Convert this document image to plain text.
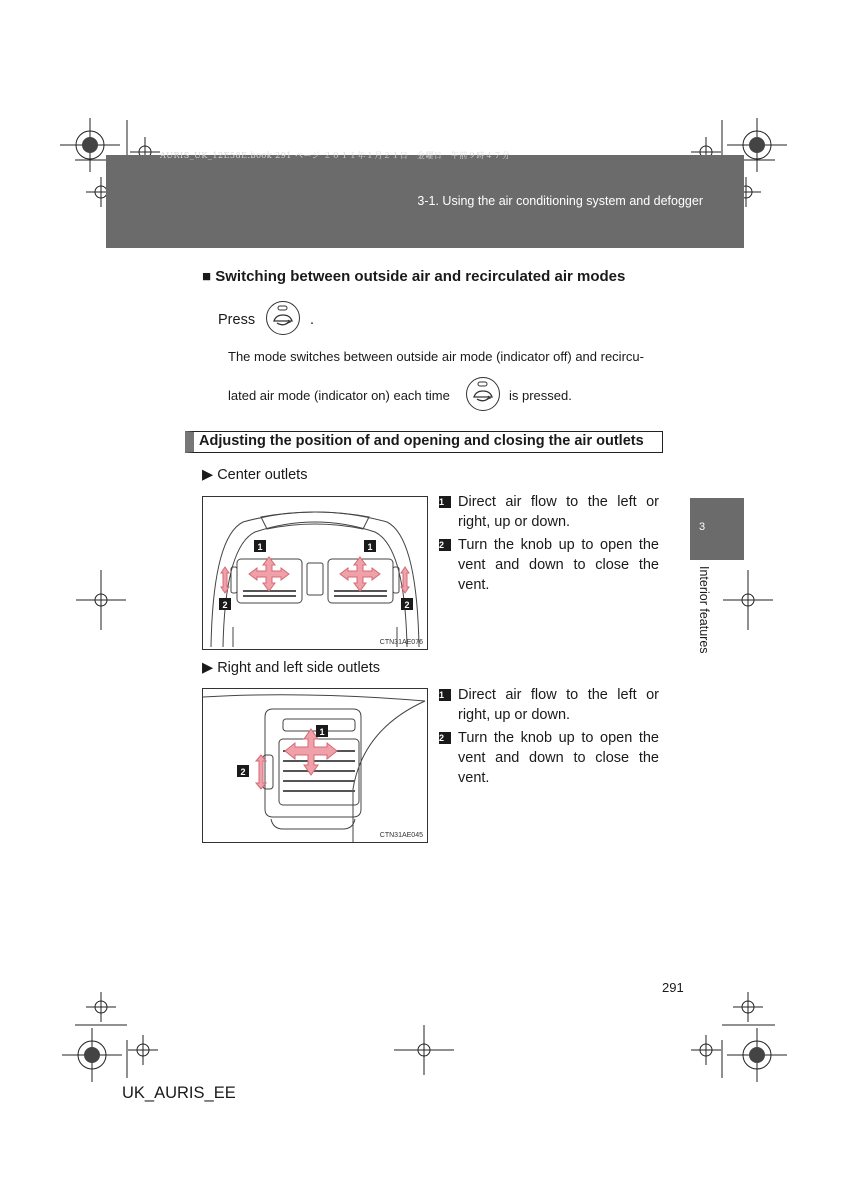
AURIS_UK_12E58E.book 291 ページ ２０１１年１月２１日　金曜日　午前９時４７分
3-1. Using the air conditioning system and defogger
■ Switching between outside air and recirculated air modes
Press	.
The mode switches between outside air mode (indicator off) and recircu-
lated air mode (indicator on) each time	is pressed.
Adjusting the position of and opening and closing the air outlets
▶ Center outlets
1	1
2	2
CTN31AE076
1 Direct air flow to the left or right, up or down.
2 Turn the knob up to open the vent and down to close the vent.
▶ Right and left side outlets
1
2
CTN31AE045
1 Direct air flow to the left or right, up or down.
2 Turn the knob up to open the vent and down to close the vent.
3
Interior features
291
UK_AURIS_EE
